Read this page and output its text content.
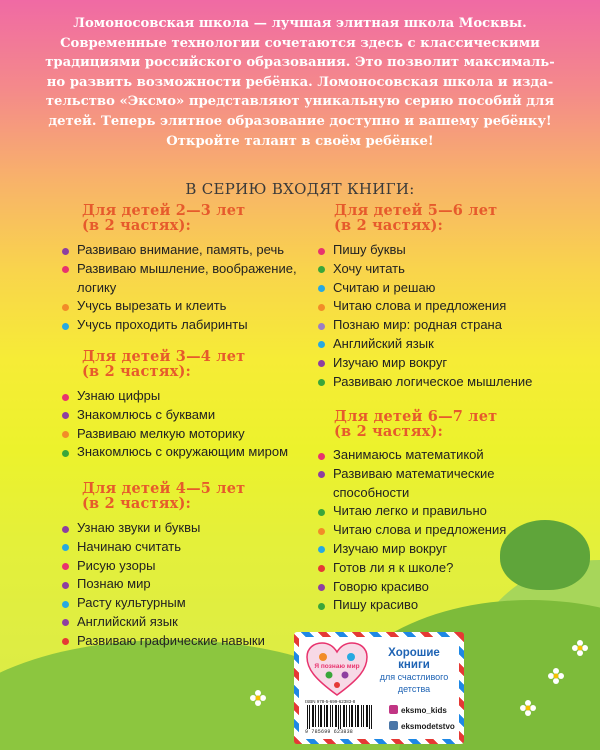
Ломоносовская школа — лучшая элитная школа Москвы.
Современные технологии сочетаются здесь с классическими
традициями российского образования. Это позволит максималь-
но развить возможности ребёнка. Ломоносовская школа и изда-
тельство «Эксмо» представляют уникальную серию пособий для
детей. Теперь элитное образование доступно и вашему ребёнку!
Откройте талант в своём ребёнке!
В СЕРИЮ ВХОДЯТ КНИГИ:
Для детей 2—3 лет
(в 2 частях):
Развиваю внимание, память, речь
Развиваю мышление, воображение,
логику
Учусь вырезать и клеить
Учусь проходить лабиринты
Для детей 3—4 лет
(в 2 частях):
Узнаю цифры
Знакомлюсь с буквами
Развиваю мелкую моторику
Знакомлюсь с окружающим миром
Для детей 4—5 лет
(в 2 частях):
Узнаю звуки и буквы
Начинаю считать
Рисую узоры
Познаю мир
Расту культурным
Английский язык
Развиваю графические навыки
Для детей 5—6 лет
(в 2 частях):
Пишу буквы
Хочу читать
Считаю и решаю
Читаю слова и предложения
Познаю мир: родная страна
Английский язык
Изучаю мир вокруг
Развиваю логическое мышление
Для детей 6—7 лет
(в 2 частях):
Занимаюсь математикой
Развиваю математические
способности
Читаю легко и правильно
Читаю слова и предложения
Изучаю мир вокруг
Готов ли я к школе?
Говорю красиво
Пишу красиво
Я познаю мир
Хорошие
книги
для счастливого
детства
ISBN 978-5-699-62383-8
9 785699 623838
eksmo_kids
eksmodetstvo
